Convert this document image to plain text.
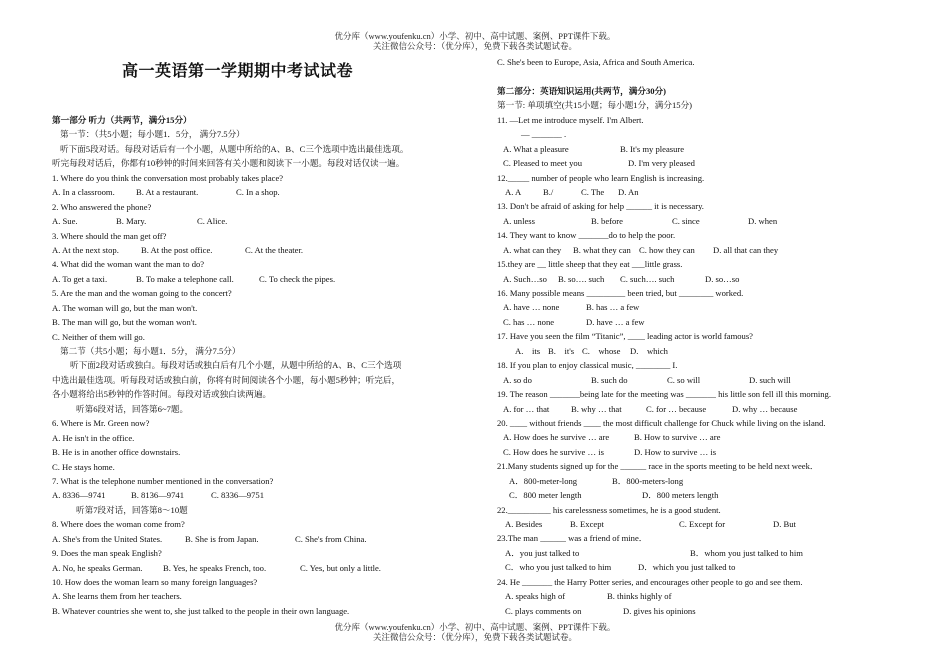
优分库（www.youfenku.cn）小学、初中、高中试题、案例、PPT课件下载。
关注微信公众号：（优分库），免费下载各类试题试卷。
高一英语第一学期期中考试试卷
第一部分 听力（共两节，满分15分）
第一节：（共5小题；每小题1．5分， 满分7.5分）
听下面5段对话。每段对话后有一个小题，从题中所给的A、B、C三个选项中选出最佳选项。
听完每段对话后，你都有10秒钟的时间来回答有关小题和阅读下一小题。每段对话仅读一遍。
1. Where do you think the conversation most probably takes place?
A. In a classroom. B. At a restaurant.	C. In a shop.
2. Who answered the phone?
A. Sue.	B. Mary.	C. Alice.
3. Where should the man get off?
A. At the next stop.	B. At the post office.	C. At the theater.
4. What did the woman want the man to do?
A. To get a taxi.	B. To make a telephone call.	C. To check the pipes.
5. Are the man and the woman going to the concert?
A. The woman will go, but the man won't.
B. The man will go, but the woman won't.
C. Neither of them will go.
第二节（共5小题；每小题1．5分， 满分7.5分）
听下面2段对话或独白。每段对话或独白后有几个小题，从题中所给的A、B、C三个选项
中选出最佳选项。听每段对话或独白前，你将有时间阅读各个小题，每小题5秒钟；听完后，
各小题将给出5秒钟的作答时间。每段对话或独白读两遍。
听第6段对话，回答第6~7题。
6. Where is Mr. Green now?
A. He isn't in the office.
B. He is in another office downstairs.
C. He stays home.
7. What is the telephone number mentioned in the conversation?
A. 8336—9741	B. 8136—9741	C. 8336—9751
听第7段对话，回答第8～10题
8. Where does the woman come from?
A. She's from the United States.	B. She is from Japan.	C. She's from China.
9. Does the man speak English?
A. No, he speaks German. B. Yes, he speaks French, too.	C. Yes, but only a little.
10. How does the woman learn so many foreign languages?
A. She learns them from her teachers.
B. Whatever countries she went to, she just talked to the people in their own language.
C. She's been to Europe, Asia, Africa and South America.
第二部分：英语知识运用(共两节，满分30分)
第一节: 单项填空(共15小题；每小题1分，满分15分)
11. —Let me introduce myself. I'm Albert.
— _______ .
A. What a pleasure	B. It's my pleasure
C. Pleased to meet you	D. I'm very pleased
12._____ number of people who learn English is increasing.
A. A	B./	C. The D. An
13. Don't be afraid of asking for help ______ it is necessary.
A. unless	B. before	C. since	D. when
14. They want to know _______do to help the poor.
A. what can they B. what they can C. how they can D. all that can they
15.they are __ little sheep that they eat ___little grass.
A. Such…so B. so…. such C. such…. such	D. so…so
16. Many possible means _________ been tried, but ________ worked.
A. have … none	B. has … a few
C. has … none	D. have … a few
17. Have you seen the film “Titanic”, ____ leading actor is world famous?
A.　its B.　it's C.　whose D.　which
18. If you plan to enjoy classical music, ________ I.
A. so do	B. such do	C. so will	D. such will
19. The reason _______being late for the meeting was _______ his little son fell ill this morning.
A. for … that	B. why … that	C. for … because	D. why … because
20. ____ without friends ____ the most difficult challenge for Chuck while living on the island.
A. How does he survive … are	B. How to survive … are
C. How does he survive … is	D. How to survive … is
21.Many students signed up for the ______ race in the sports meeting to be held next week．
A．800-meter-long	B．800-meters-long
C．800 meter length	D．800 meters length
22.__________ his carelessness sometimes, he is a good student.
A. Besides	B. Except	C. Except for	D. But
23.The man ______ was a friend of mine．
A．you just talked to	B．whom you just talked to him
C．who you just talked to him	D．which you just talked to
24. He _______ the Harry Potter series, and encourages other people to go and see them.
A. speaks high of	B. thinks highly of
C. plays comments on	D. gives his opinions
优分库（www.youfenku.cn）小学、初中、高中试题、案例、PPT课件下载。
关注微信公众号：（优分库），免费下载各类试题试卷。
